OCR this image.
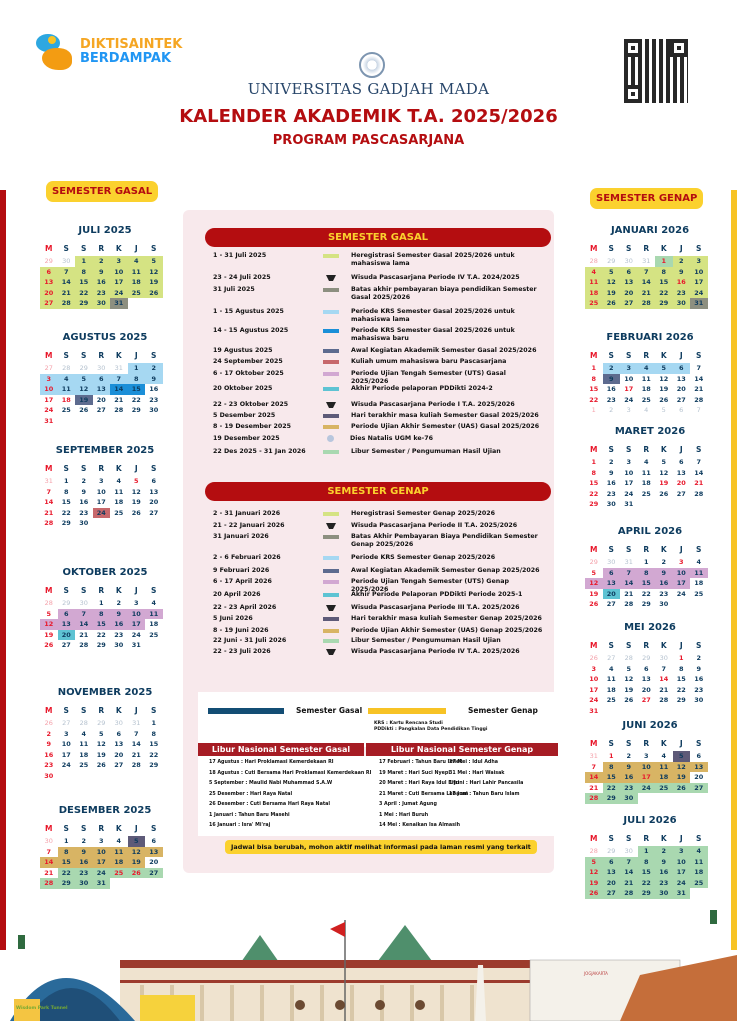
DIKTISAINTEK
BERDAMPAK
UNIVERSITAS GADJAH MADA
KALENDER AKADEMIK T.A. 2025/2026
PROGRAM PASCASARJANA
SEMESTER GASAL
SEMESTER GENAP
JULI 2025
M	S	S	R	K	J	S
29	30	1	2	3	4	5
6	7	8	9	10	11	12
13	14	15	16	17	18	19
20	21	22	23	24	25	26
27	28	29	30	31
AGUSTUS 2025
M	S	S	R	K	J	S
27	28	29	30	31	1	2
3	4	5	6	7	8	9
10	11	12	13	14	15	16
17	18	19	20	21	22	23
24	25	26	27	28	29	30
31
SEPTEMBER 2025
M	S	S	R	K	J	S
31	1	2	3	4	5	6
7	8	9	10	11	12	13
14	15	16	17	18	19	20
21	22	23	24	25	26	27
28	29	30
OKTOBER 2025
M	S	S	R	K	J	S
28	29	30	1	2	3	4
5	6	7	8	9	10	11
12	13	14	15	16	17	18
19	20	21	22	23	24	25
26	27	28	29	30	31
NOVEMBER 2025
M	S	S	R	K	J	S
26	27	28	29	30	31	1
2	3	4	5	6	7	8
9	10	11	12	13	14	15
16	17	18	19	20	21	22
23	24	25	26	27	28	29
30
DESEMBER 2025
M	S	S	R	K	J	S
30	1	2	3	4	5	6
7	8	9	10	11	12	13
14	15	16	17	18	19	20
21	22	23	24	25	26	27
28	29	30	31
JANUARI 2026
M	S	S	R	K	J	S
28	29	30	31	1	2	3
4	5	6	7	8	9	10
11	12	13	14	15	16	17
18	19	20	21	22	23	24
25	26	27	28	29	30	31
FEBRUARI 2026
M	S	S	R	K	J	S
1	2	3	4	5	6	7
8	9	10	11	12	13	14
15	16	17	18	19	20	21
22	23	24	25	26	27	28
1	2	3	4	5	6	7
MARET 2026
M	S	S	R	K	J	S
1	2	3	4	5	6	7
8	9	10	11	12	13	14
15	16	17	18	19	20	21
22	23	24	25	26	27	28
29	30	31
APRIL 2026
M	S	S	R	K	J	S
29	30	31	1	2	3	4
5	6	7	8	9	10	11
12	13	14	15	16	17	18
19	20	21	22	23	24	25
26	27	28	29	30
MEI 2026
M	S	S	R	K	J	S
26	27	28	29	30	1	2
3	4	5	6	7	8	9
10	11	12	13	14	15	16
17	18	19	20	21	22	23
24	25	26	27	28	29	30
31
JUNI 2026
M	S	S	R	K	J	S
31	1	2	3	4	5	6
7	8	9	10	11	12	13
14	15	16	17	18	19	20
21	22	23	24	25	26	27
28	29	30
JULI 2026
M	S	S	R	K	J	S
28	29	30	1	2	3	4
5	6	7	8	9	10	11
12	13	14	15	16	17	18
19	20	21	22	23	24	25
26	27	28	29	30	31
SEMESTER GASAL
1 - 31 Juli 2025	Heregistrasi Semester Gasal 2025/2026 untuk mahasiswa lama
23 - 24 Juli 2025	Wisuda Pascasarjana Periode IV T.A. 2024/2025
31 Juli 2025	Batas akhir pembayaran biaya pendidikan Semester Gasal 2025/2026
1 - 15 Agustus 2025	Periode KRS Semester Gasal 2025/2026 untuk mahasiswa lama
14 - 15 Agustus 2025	Periode KRS Semester Gasal 2025/2026 untuk mahasiswa baru
19 Agustus 2025	Awal Kegiatan Akademik Semester Gasal 2025/2026
24 September 2025	Kuliah umum mahasiswa baru Pascasarjana
6 - 17 Oktober 2025	Periode Ujian Tengah Semester (UTS) Gasal 2025/2026
20 Oktober 2025	Akhir Periode pelaporan PDDikti 2024-2
22 - 23 Oktober 2025	Wisuda Pascasarjana Periode I T.A. 2025/2026
5 Desember 2025	Hari terakhir masa kuliah Semester Gasal 2025/2026
8 - 19 Desember 2025	Periode Ujian Akhir Semester (UAS) Gasal 2025/2026
19 Desember 2025	Dies Natalis UGM ke-76
22 Des 2025 - 31 Jan 2026	Libur Semester / Pengumuman Hasil Ujian
SEMESTER GENAP
2 - 31 Januari 2026	Heregistrasi Semester Genap 2025/2026
21 - 22 Januari 2026	Wisuda Pascasarjana Periode II T.A. 2025/2026
31 Januari 2026	Batas Akhir Pembayaran Biaya Pendidikan Semester Genap 2025/2026
2 - 6 Februari 2026	Periode KRS Semester Genap 2025/2026
9 Februari 2026	Awal Kegiatan Akademik Semester Genap 2025/2026
6 - 17 April 2026	Periode Ujian Tengah Semester (UTS) Genap 2025/2026
20 April 2026	Akhir Periode Pelaporan PDDikti Periode 2025-1
22 - 23 April 2026	Wisuda Pascasarjana Periode III T.A. 2025/2026
5 Juni 2026	Hari terakhir masa kuliah Semester Genap 2025/2026
8 - 19 Juni 2026	Periode Ujian Akhir Semester (UAS) Genap 2025/2026
22 Juni - 31 Juli 2026	Libur Semester / Pengumuman Hasil Ujian
22 - 23 Juli 2026	Wisuda Pascasarjana Periode IV T.A. 2025/2026
Semester Gasal	Semester Genap
KRS : Kartu Rencana Studi
PDDikti : Pangkalan Data Pendidikan Tinggi
Libur Nasional Semester Gasal	Libur Nasional Semester Genap
17 Agustus : Hari Proklamasi Kemerdekaan RI
18 Agustus : Cuti Bersama Hari Proklamasi Kemerdekaan RI
5 September : Maulid Nabi Muhammad S.A.W
25 Desember : Hari Raya Natal
26 Desember : Cuti Bersama Hari Raya Natal
1 Januari : Tahun Baru Masehi
16 Januari : Isra' Mi'raj
17 Februari : Tahun Baru Imlek
19 Maret : Hari Suci Nyepi
20 Maret : Hari Raya Idul Fitri
21 Maret : Cuti Bersama Lebaran
3 April : Jumat Agung
1 Mei : Hari Buruh
14 Mei : Kenaikan Isa Almasih
27 Mei : Idul Adha
31 Mei : Hari Waisak
1 Juni : Hari Lahir Pancasila
17 Juni : Tahun Baru Islam
Jadwal bisa berubah, mohon aktif melihat informasi pada laman resmi yang terkait
JOGJAKARTA
Wisdom Park Tunnel
